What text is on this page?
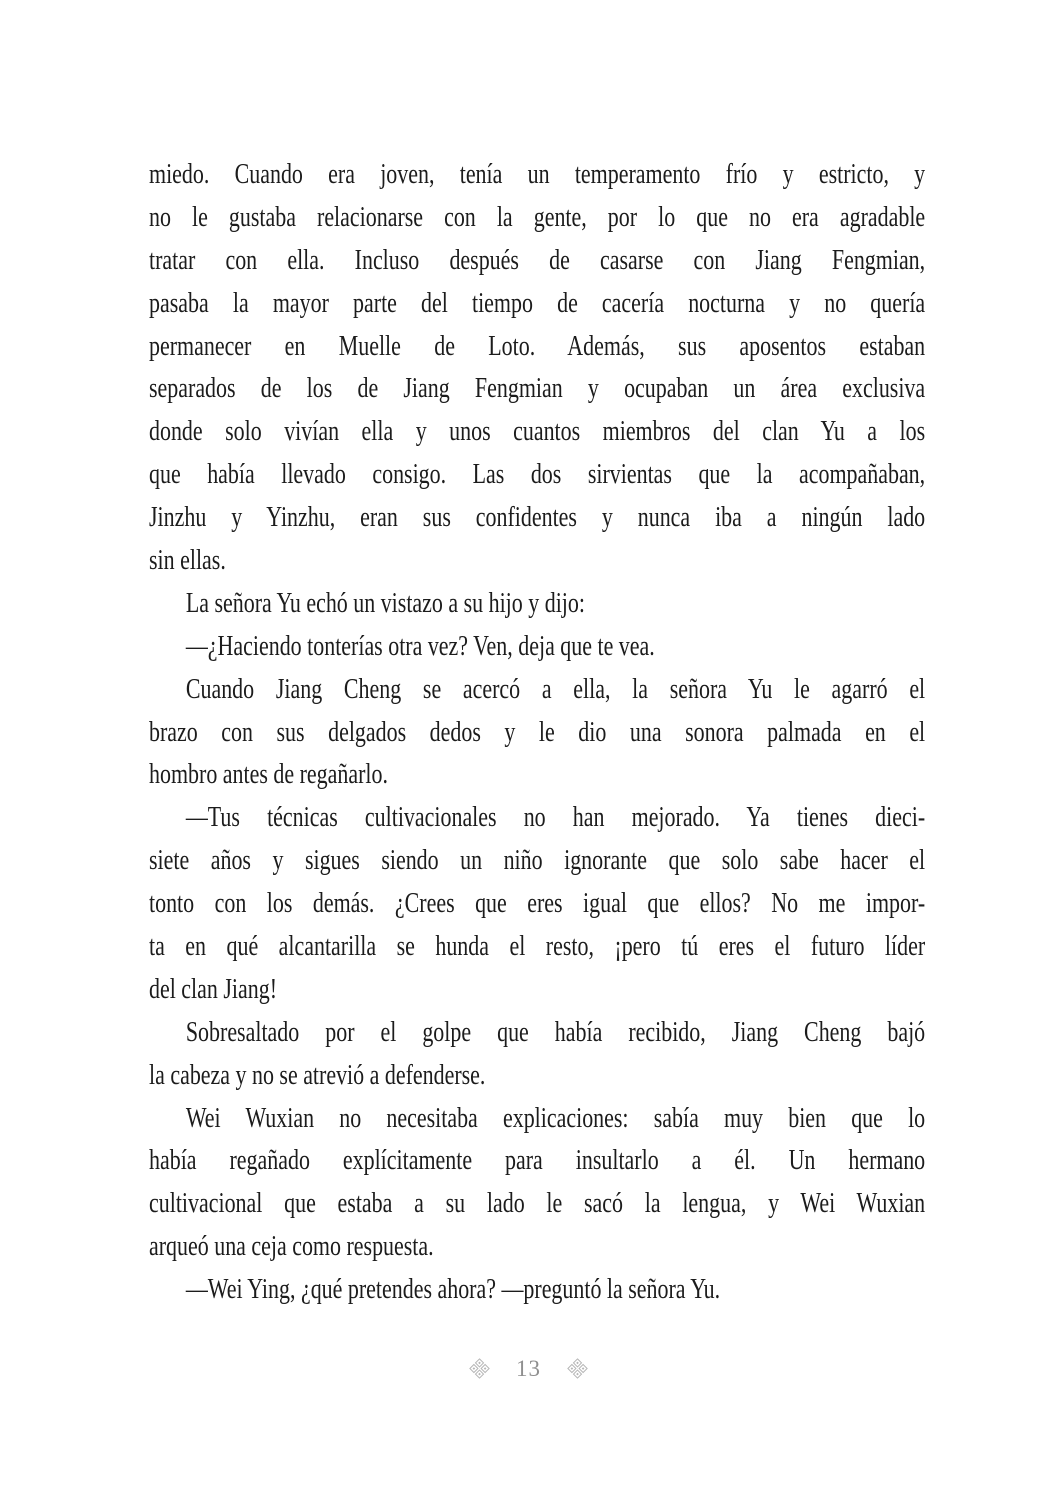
miedo. Cuando era joven, tenía un temperamento frío y estricto, y
no le gustaba relacionarse con la gente, por lo que no era agradable
tratar con ella. Incluso después de casarse con Jiang Fengmian,
pasaba la mayor parte del tiempo de cacería nocturna y no quería
permanecer en Muelle de Loto. Además, sus aposentos estaban
separados de los de Jiang Fengmian y ocupaban un área exclusiva
donde solo vivían ella y unos cuantos miembros del clan Yu a los
que había llevado consigo. Las dos sirvientas que la acompañaban,
Jinzhu y Yinzhu, eran sus confidentes y nunca iba a ningún lado
sin ellas.
La señora Yu echó un vistazo a su hijo y dijo:
—¿Haciendo tonterías otra vez? Ven, deja que te vea.
Cuando Jiang Cheng se acercó a ella, la señora Yu le agarró el
brazo con sus delgados dedos y le dio una sonora palmada en el
hombro antes de regañarlo.
—Tus técnicas cultivacionales no han mejorado. Ya tienes dieci-
siete años y sigues siendo un niño ignorante que solo sabe hacer el
tonto con los demás. ¿Crees que eres igual que ellos? No me impor-
ta en qué alcantarilla se hunda el resto, ¡pero tú eres el futuro líder
del clan Jiang!
Sobresaltado por el golpe que había recibido, Jiang Cheng bajó
la cabeza y no se atrevió a defenderse.
Wei Wuxian no necesitaba explicaciones: sabía muy bien que lo
había regañado explícitamente para insultarlo a él. Un hermano
cultivacional que estaba a su lado le sacó la lengua, y Wei Wuxian
arqueó una ceja como respuesta.
—Wei Ying, ¿qué pretendes ahora? —preguntó la señora Yu.
13
